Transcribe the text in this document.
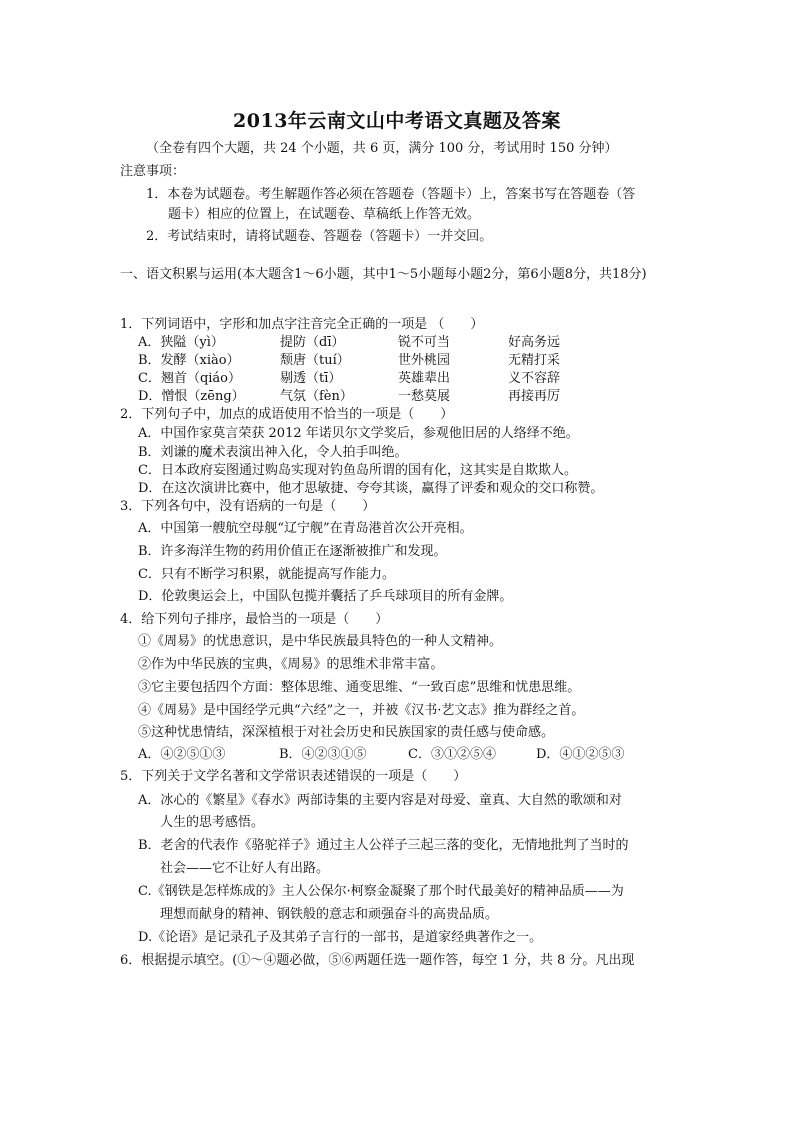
2013年云南文山中考语文真题及答案
（全卷有四个大题，共 24 个小题，共 6 页，满分 100 分，考试用时 150 分钟）
注意事项：
1．本卷为试题卷。考生解题作答必须在答题卷（答题卡）上，答案书写在答题卷（答
题卡）相应的位置上，在试题卷、草稿纸上作答无效。
2．考试结束时，请将试题卷、答题卷（答题卡）一并交回。
一、语文积累与运用(本大题含1～6小题，其中1～5小题每小题2分，第6小题8分，共18分)
1．下列词语中，字形和加点字注音完全正确的一项是 （　　）
A．狭隘（yì）	提防（dī）	锐不可当	好高务远
B．发酵（xiào）	颓唐（tuí）	世外桃园	无精打采
C．翘首（qiáo）	剔透（tī）	英雄辈出	义不容辞
D．憎恨（zēnɡ）	气氛（fèn）	一愁莫展	再接再厉
2．下列句子中，加点的成语使用不恰当的一项是（　　）
A．中国作家莫言荣获 2012 年诺贝尔文学奖后，参观他旧居的人络绎不绝。
B．刘谦的魔术表演出神入化，令人拍手叫绝。
C．日本政府妄图通过购岛实现对钓鱼岛所谓的国有化，这其实是自欺欺人。
D．在这次演讲比赛中，他才思敏捷、夸夸其谈，赢得了评委和观众的交口称赞。
3．下列各句中，没有语病的一句是（　　）
A．中国第一艘航空母舰“辽宁舰”在青岛港首次公开亮相。
B．许多海洋生物的药用价值正在逐渐被推广和发现。
C．只有不断学习积累，就能提高写作能力。
D．伦敦奥运会上，中国队包揽并囊括了乒乓球项目的所有金牌。
4．给下列句子排序，最恰当的一项是（　　）
①《周易》的忧患意识，是中华民族最具特色的一种人文精神。
②作为中华民族的宝典，《周易》的思维术非常丰富。
③它主要包括四个方面：整体思维、通变思维、“一致百虑”思维和忧患思维。
④《周易》是中国经学元典“六经”之一，并被《汉书·艺文志》推为群经之首。
⑤这种忧患情结，深深植根于对社会历史和民族国家的责任感与使命感。
A．④②⑤①③	B．④②③①⑤	C．③①②⑤④	D．④①②⑤③
5．下列关于文学名著和文学常识表述错误的一项是（　　）
A．冰心的《繁星》《春水》两部诗集的主要内容是对母爱、童真、大自然的歌颂和对
人生的思考感悟。
B．老舍的代表作《骆驼祥子》通过主人公祥子三起三落的变化，无情地批判了当时的
社会——它不让好人有出路。
C.《钢铁是怎样炼成的》主人公保尔·柯察金凝聚了那个时代最美好的精神品质——为
理想而献身的精神、钢铁般的意志和顽强奋斗的高贵品质。
D.《论语》是记录孔子及其弟子言行的一部书，是道家经典著作之一。
6．根据提示填空。(①～④题必做，⑤⑥两题任选一题作答，每空 1 分，共 8 分。凡出现
